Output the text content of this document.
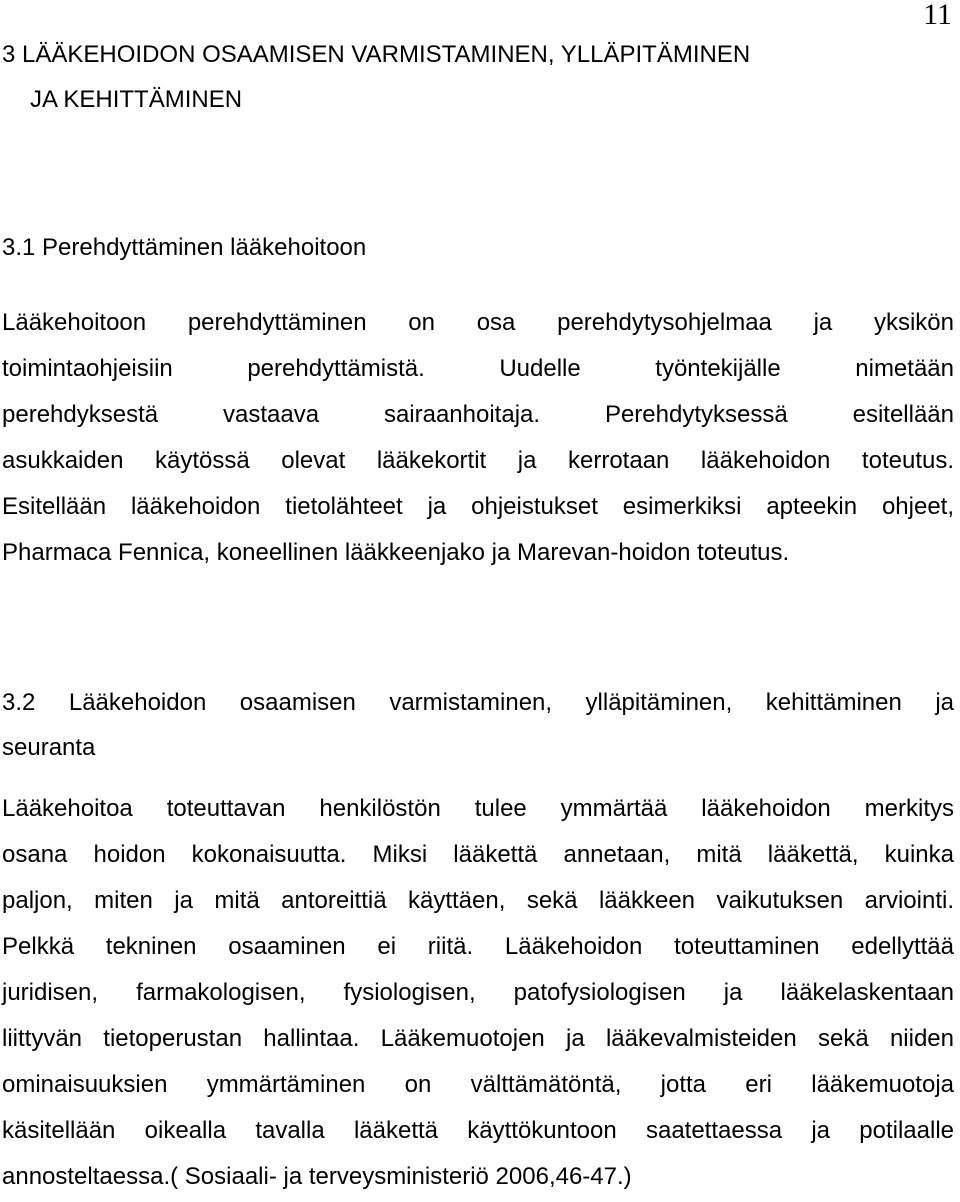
11
3 LÄÄKEHOIDON OSAAMISEN VARMISTAMINEN, YLLÄPITÄMINEN
JA KEHITTÄMINEN
3.1 Perehdyttäminen lääkehoitoon
Lääkehoitoon perehdyttäminen on osa perehdytysohjelmaa ja yksikön
toimintaohjeisiin perehdyttämistä. Uudelle työntekijälle nimetään
perehdyksestä vastaava sairaanhoitaja. Perehdytyksessä esitellään
asukkaiden käytössä olevat lääkekortit ja kerrotaan lääkehoidon toteutus.
Esitellään lääkehoidon tietolähteet ja ohjeistukset esimerkiksi apteekin ohjeet,
Pharmaca Fennica, koneellinen lääkkeenjako ja Marevan-hoidon toteutus.
3.2 Lääkehoidon osaamisen varmistaminen, ylläpitäminen, kehittäminen ja
seuranta
Lääkehoitoa toteuttavan henkilöstön tulee ymmärtää lääkehoidon merkitys
osana hoidon kokonaisuutta. Miksi lääkettä annetaan, mitä lääkettä, kuinka
paljon, miten ja mitä antoreittiä käyttäen, sekä lääkkeen vaikutuksen arviointi.
Pelkkä tekninen osaaminen ei riitä. Lääkehoidon toteuttaminen edellyttää
juridisen, farmakologisen, fysiologisen, patofysiologisen ja lääkelaskentaan
liittyvän tietoperustan hallintaa. Lääkemuotojen ja lääkevalmisteiden sekä niiden
ominaisuuksien ymmärtäminen on välttämätöntä, jotta eri lääkemuotoja
käsitellään oikealla tavalla lääkettä käyttökuntoon saatettaessa ja potilaalle
annosteltaessa.( Sosiaali- ja terveysministeriö 2006,46-47.)
